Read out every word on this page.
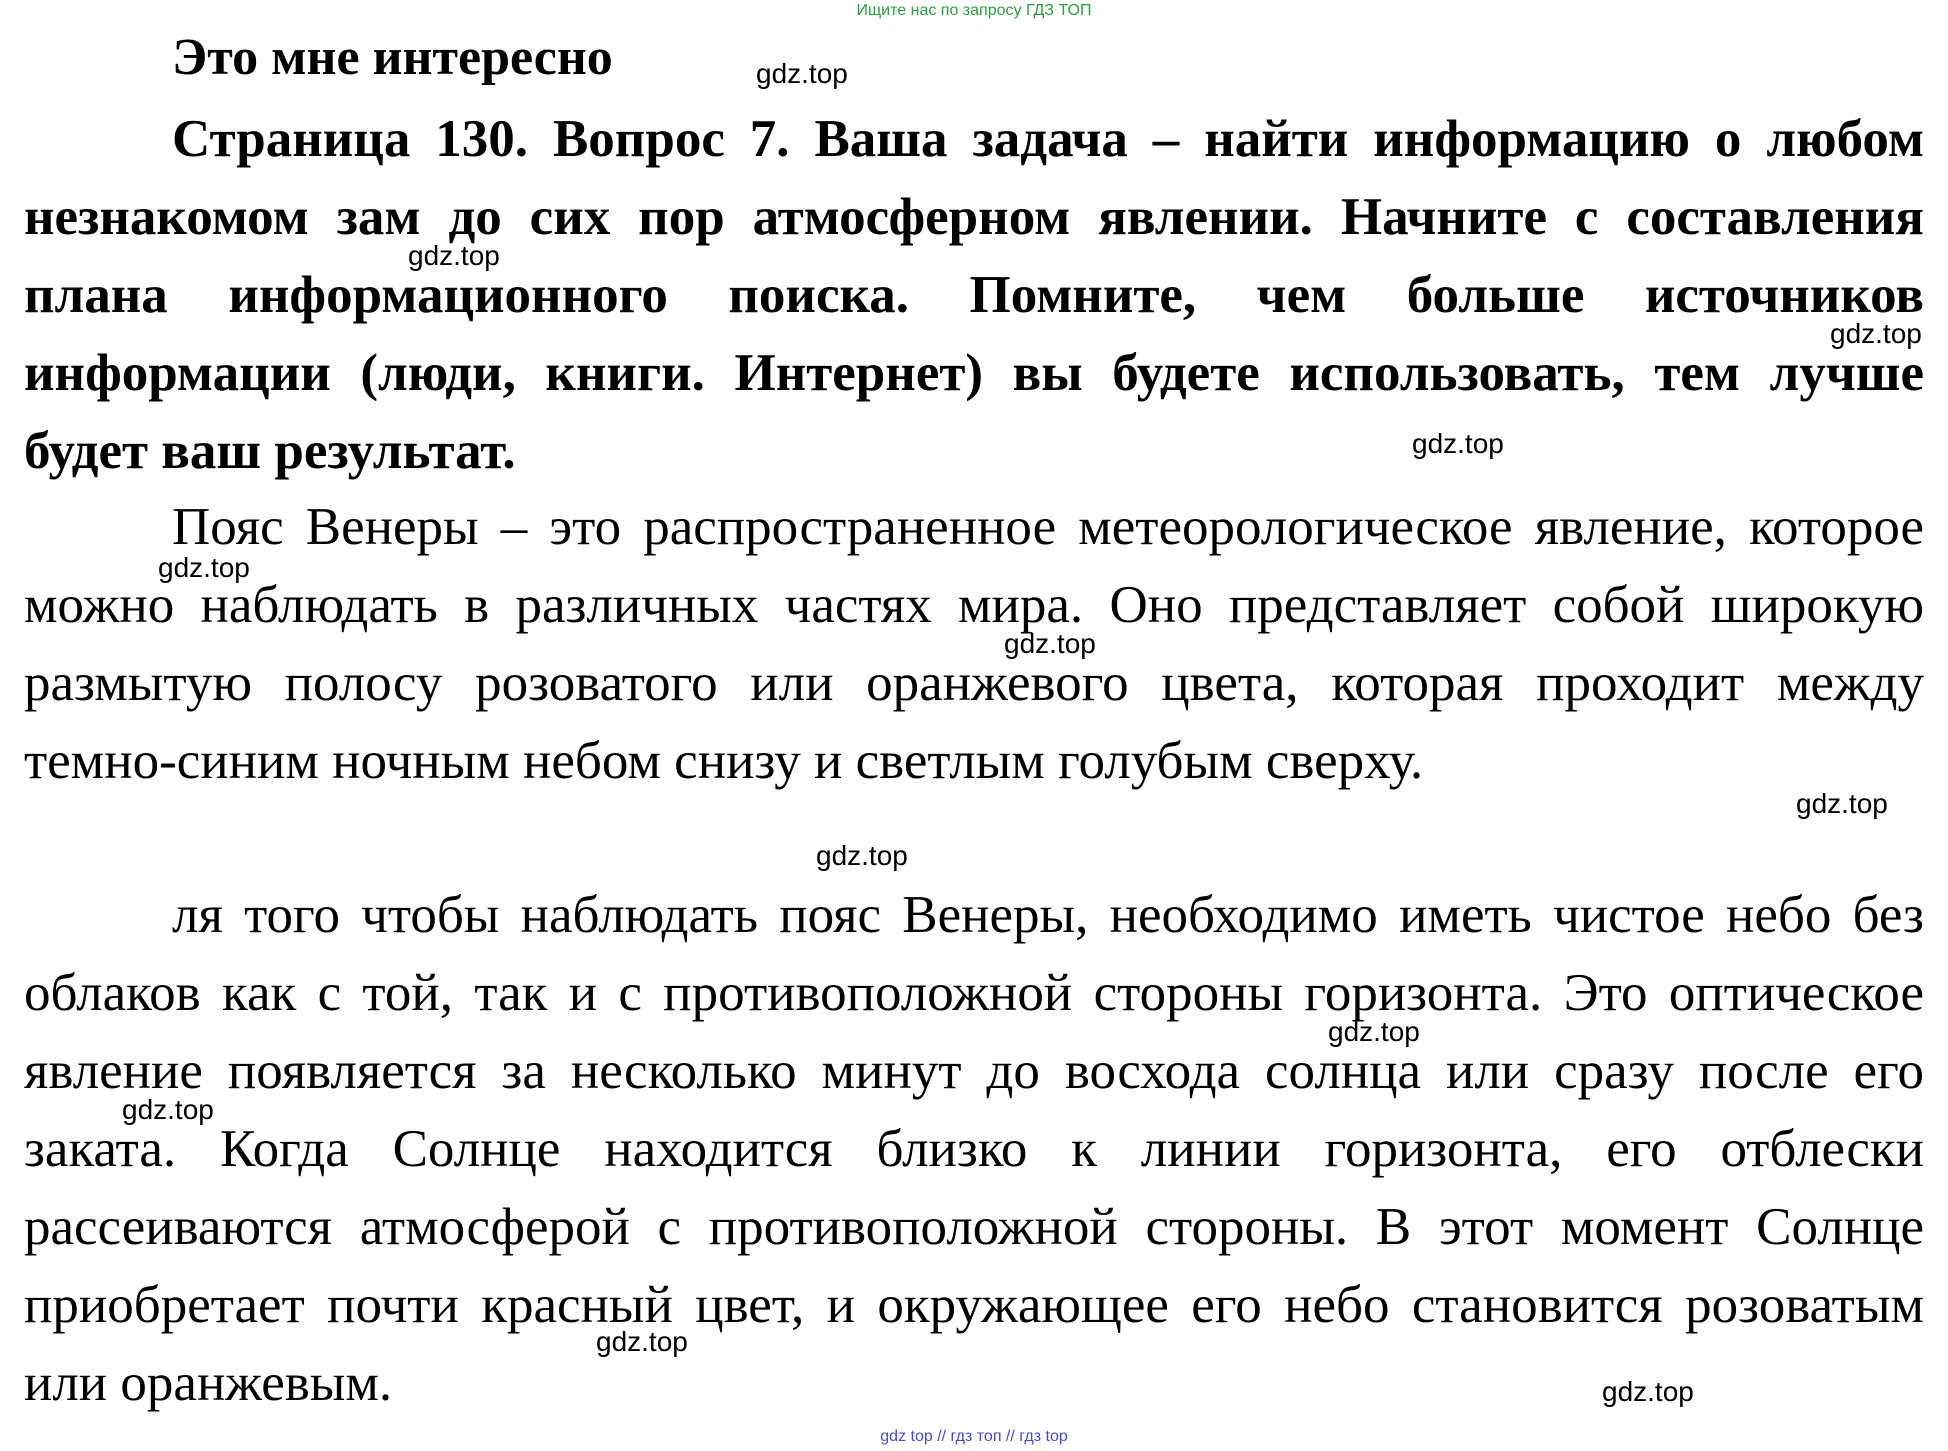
Ищите нас по запросу ГДЗ ТОП
Это мне интересно

Страница 130. Вопрос 7. Ваша задача – найти информацию о любом незнакомом зам до сих пор атмосферном явлении. Начните с составления плана информационного поиска. Помните, чем больше источников информации (люди, книги. Интернет) вы будете использовать, тем лучше будет ваш результат.

Пояс Венеры – это распространенное метеорологическое явление, которое можно наблюдать в различных частях мира. Оно представляет собой широкую размытую полосу розоватого или оранжевого цвета, которая проходит между темно-синим ночным небом снизу и светлым голубым сверху.

ля того чтобы наблюдать пояс Венеры, необходимо иметь чистое небо без облаков как с той, так и с противоположной стороны горизонта. Это оптическое явление появляется за несколько минут до восхода солнца или сразу после его заката. Когда Солнце находится близко к линии горизонта, его отблески рассеиваются атмосферой с противоположной стороны. В этот момент Солнце приобретает почти красный цвет, и окружающее его небо становится розоватым или оранжевым.

gdz.top
gdz.top
gdz.top
gdz.top
gdz.top
gdz.top
gdz.top
gdz.top
gdz.top
gdz.top
gdz.top
gdz.top
gdz top // гдз топ // гдз top
